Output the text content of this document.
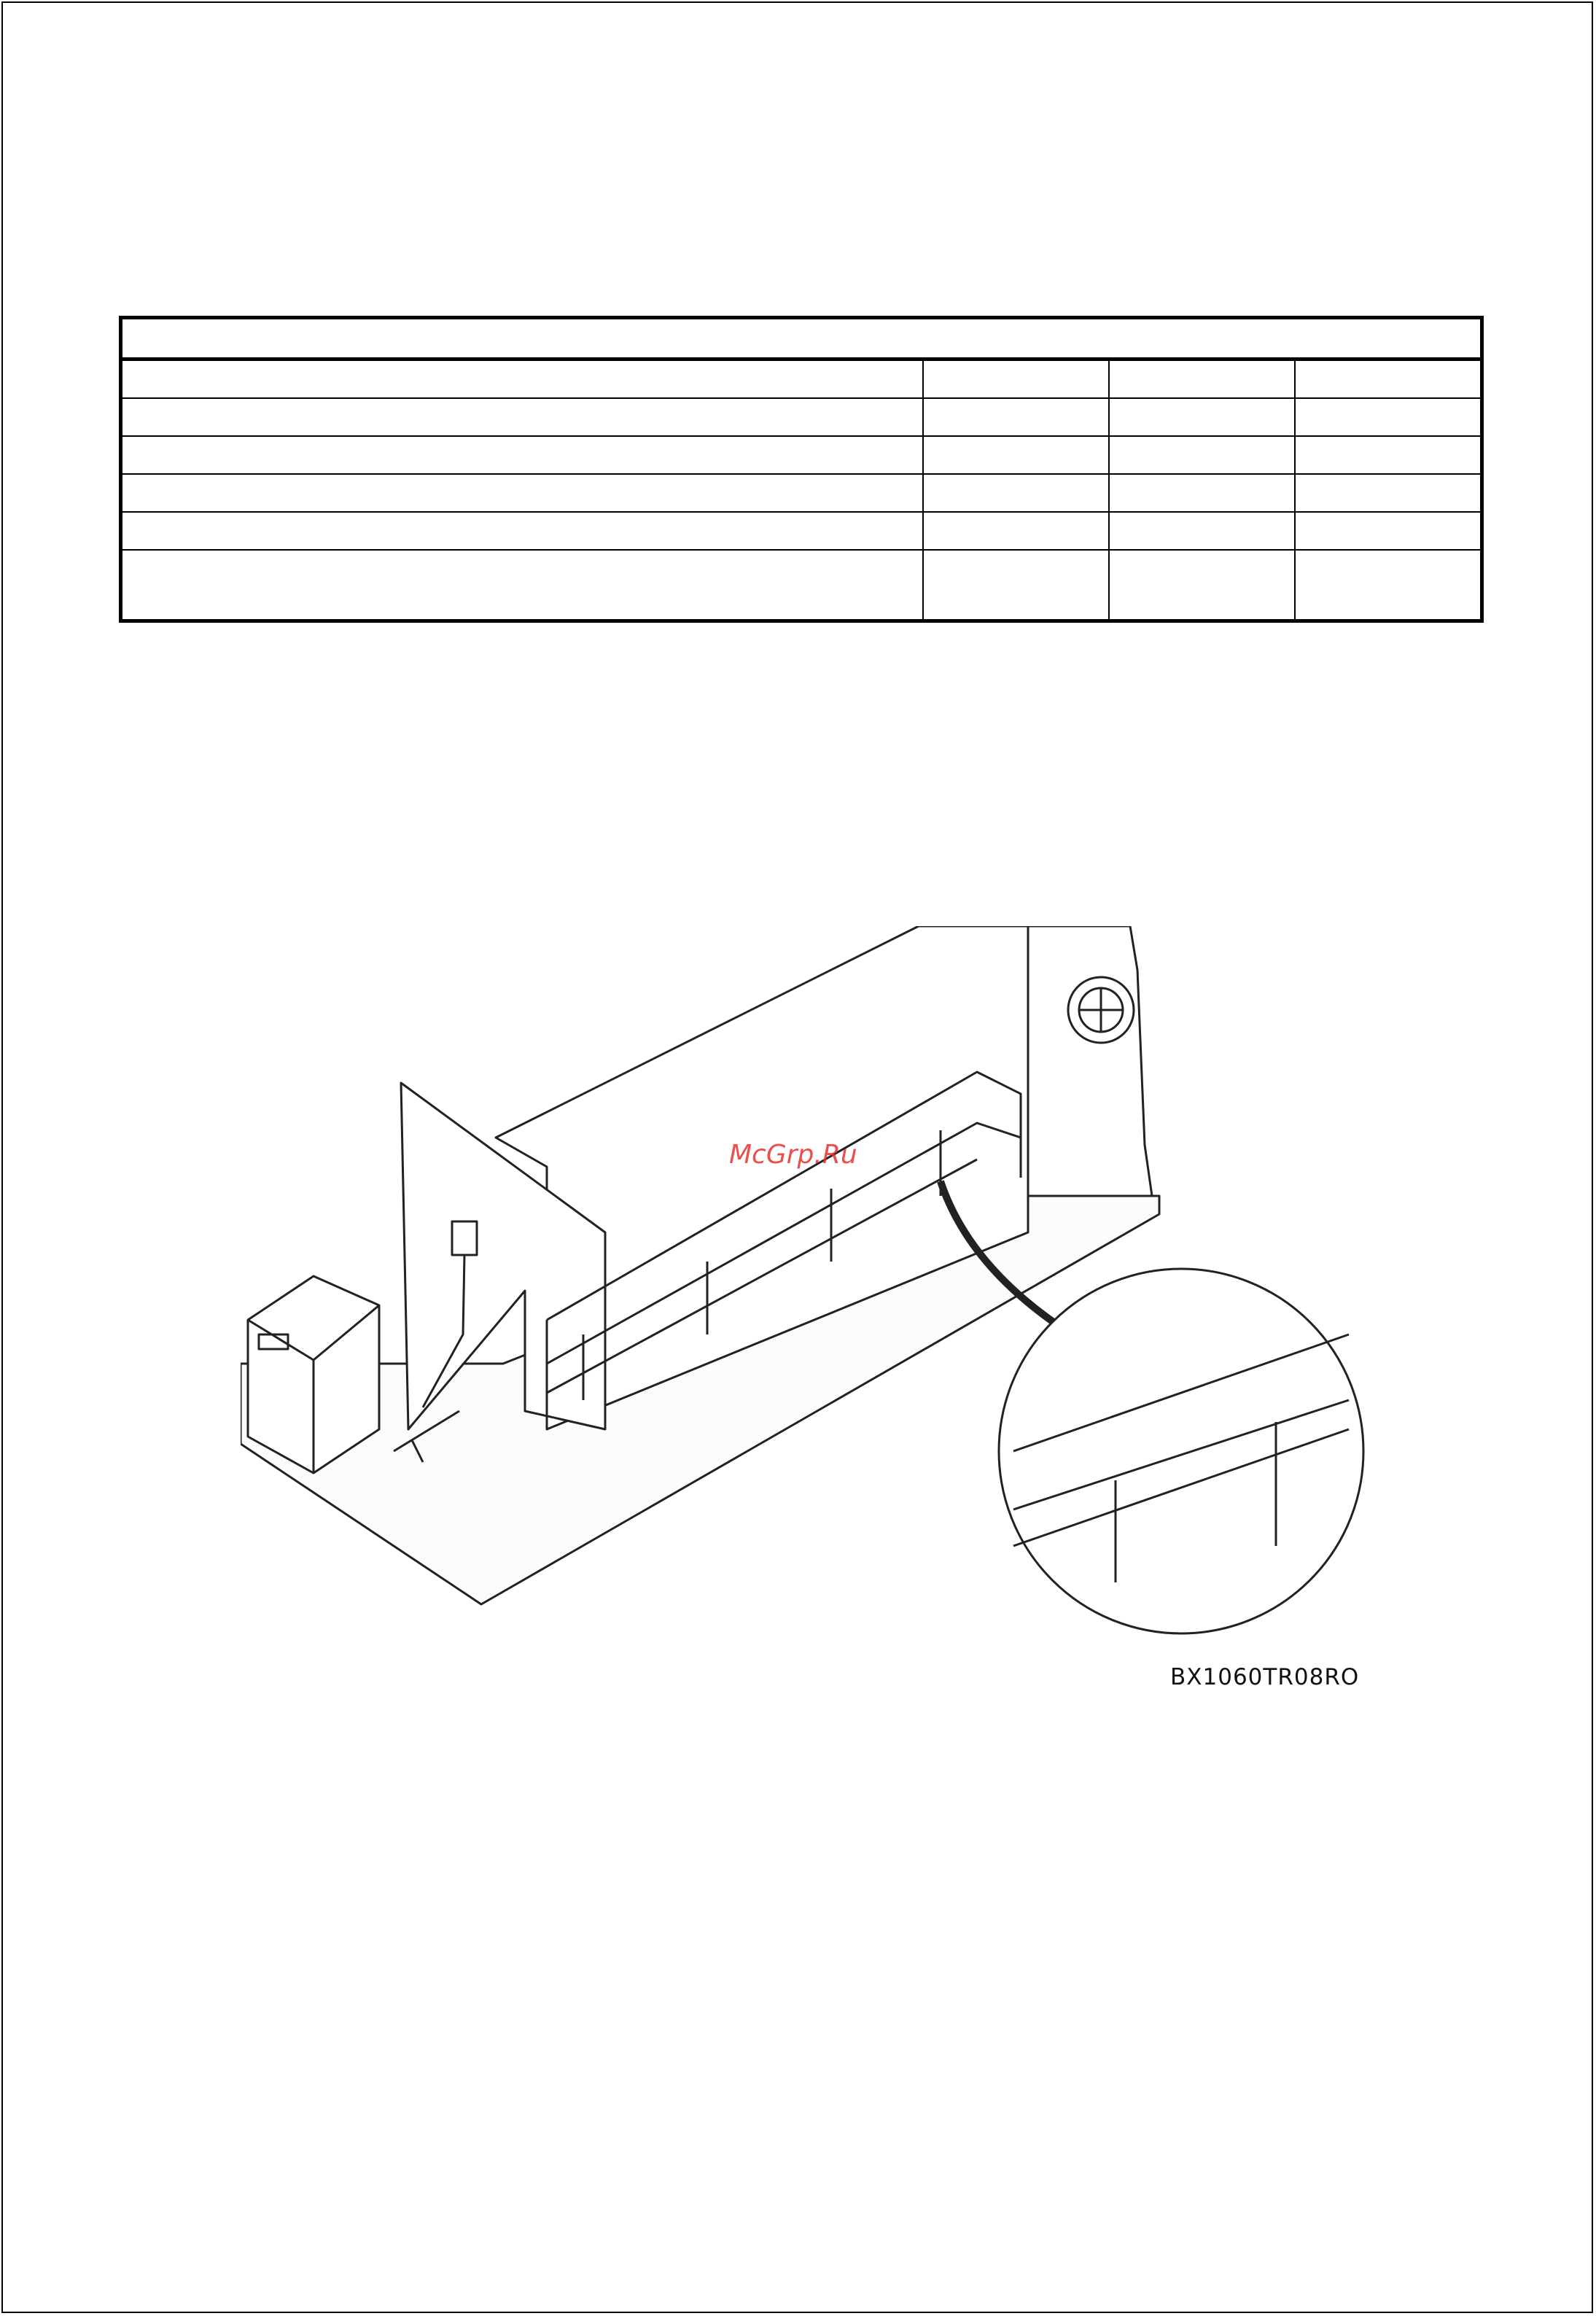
McGrp.Ru
BX1060TR08RO
